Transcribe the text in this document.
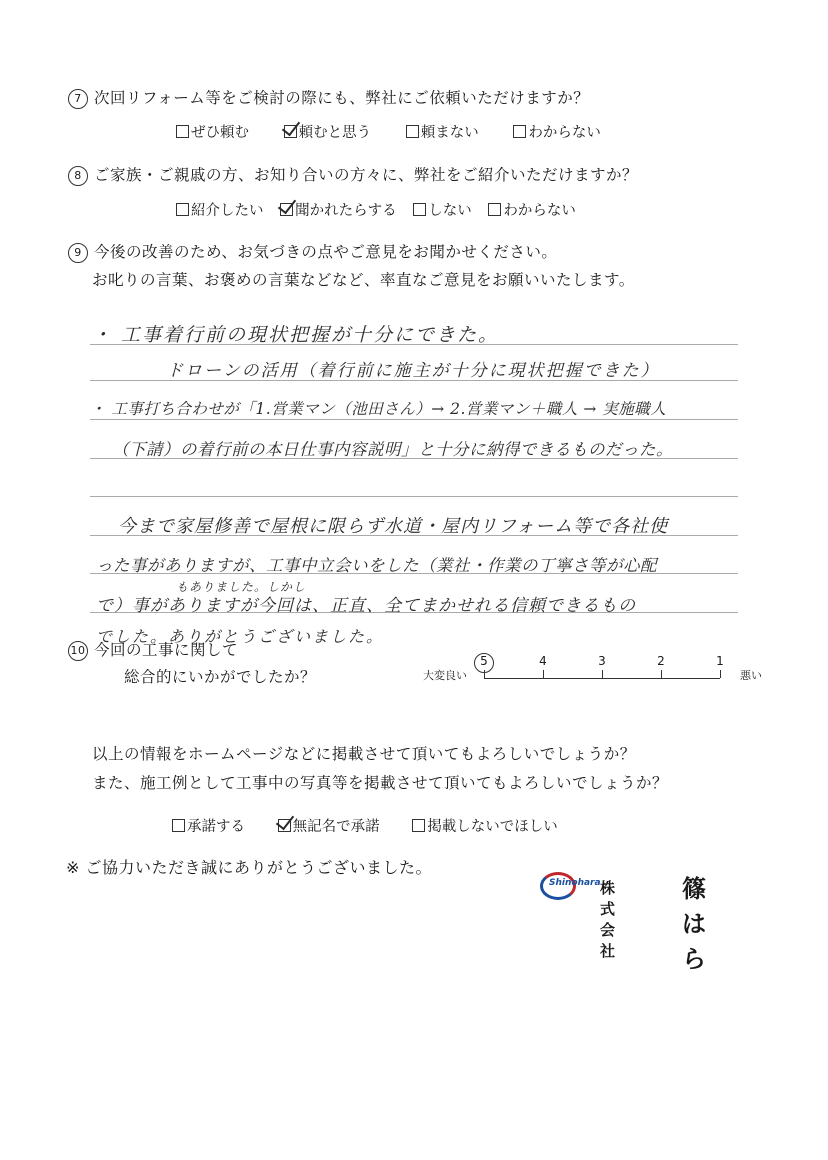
7 次回リフォーム等をご検討の際にも、弊社にご依頼いただけますか？
ぜひ頼む	頼むと思う	頼まない	わからない
8 ご家族・ご親戚の方、お知り合いの方々に、弊社をご紹介いただけますか？
紹介したい 聞かれたらする しない わからない
9 今後の改善のため、お気づきの点やご意見をお聞かせください。
お叱りの言葉、お褒めの言葉などなど、率直なご意見をお願いいたします。
・ 工事着行前の現状把握が十分にできた。
ドローンの活用（着行前に施主が十分に現状把握できた）
・ 工事打ち合わせが「1.営業マン（池田さん）→ 2.営業マン＋職人 → 実施職人
（下請）の着行前の本日仕事内容説明」と十分に納得できるものだった。
今まで家屋修善で屋根に限らず水道・屋内リフォーム等で各社使
った事がありますが、工事中立会いをした（業社・作業の丁寧さ等が心配
もありました。しかし
で）事がありますが今回は、正直、全てまかせれる信頼できるもの
でした。ありがとうございました。
10 今回の工事に関して
総合的にいかがでしたか？	大変良い	悪い
5	4	3	2	1
以上の情報をホームページなどに掲載させて頂いてもよろしいでしょうか？
また、施工例として工事中の写真等を掲載させて頂いてもよろしいでしょうか？
承諾する	無記名で承諾	掲載しないでほしい
※ ご協力いただき誠にありがとうございました。
Shinohara 株式会社
篠はら
